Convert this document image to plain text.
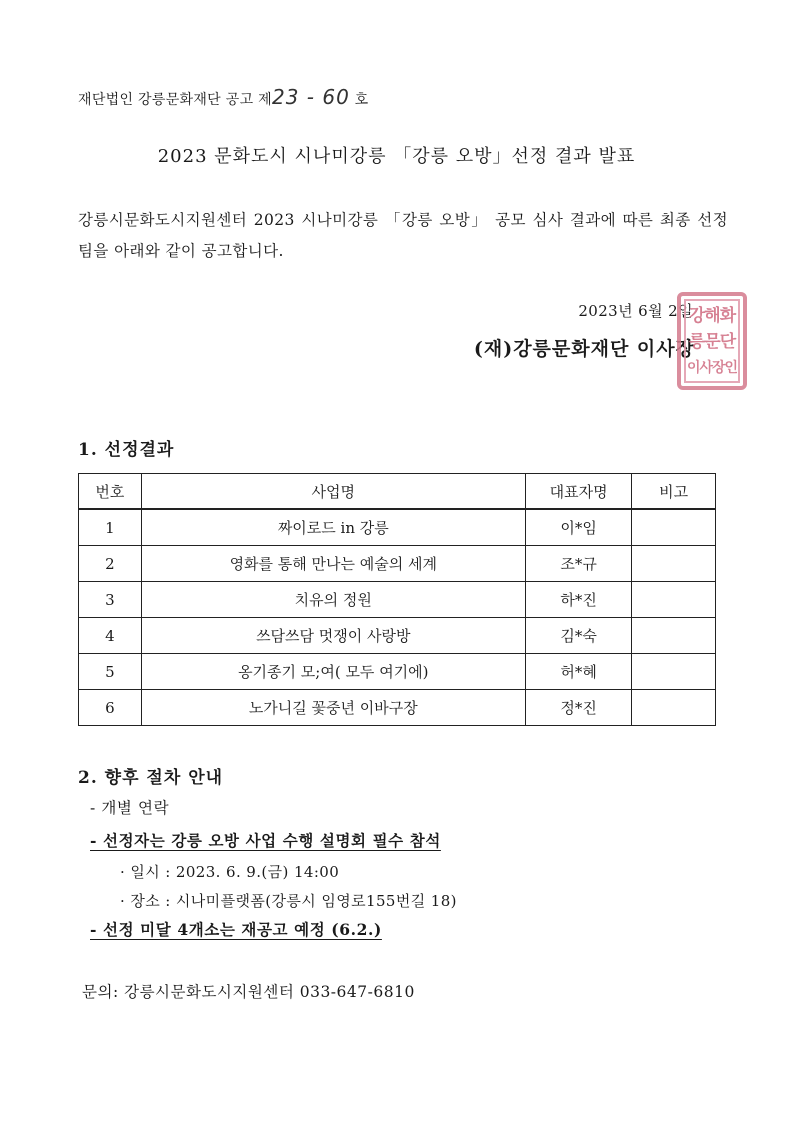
재단법인 강릉문화재단 공고 제23 - 60 호
2023 문화도시 시나미강릉 「강릉 오방」선정 결과 발표
강릉시문화도시지원센터 2023 시나미강릉 「강릉 오방」 공모 심사 결과에 따른 최종 선정 팀을 아래와 같이 공고합니다.
2023년 6월 2일
(재)강릉문화재단 이사장
강해화
릉문단
이사장인
1. 선정결과
번호	사업명	대표자명	비고
1	짜이로드 in 강릉	이*임	
2	영화를 통해 만나는 예술의 세계	조*규	
3	치유의 정원	하*진	
4	쓰담쓰담 멋쟁이 사랑방	김*숙	
5	옹기종기 모;여( 모두 여기에)	허*혜	
6	노가니길 꽃중년 이바구장	정*진	
2. 향후 절차 안내
- 개별 연락
- 선정자는 강릉 오방 사업 수행 설명회 필수 참석
· 일시 : 2023. 6. 9.(금) 14:00
· 장소 : 시나미플랫폼(강릉시 임영로155번길 18)
- 선정 미달 4개소는 재공고 예정 (6.2.)
문의: 강릉시문화도시지원센터 033-647-6810
